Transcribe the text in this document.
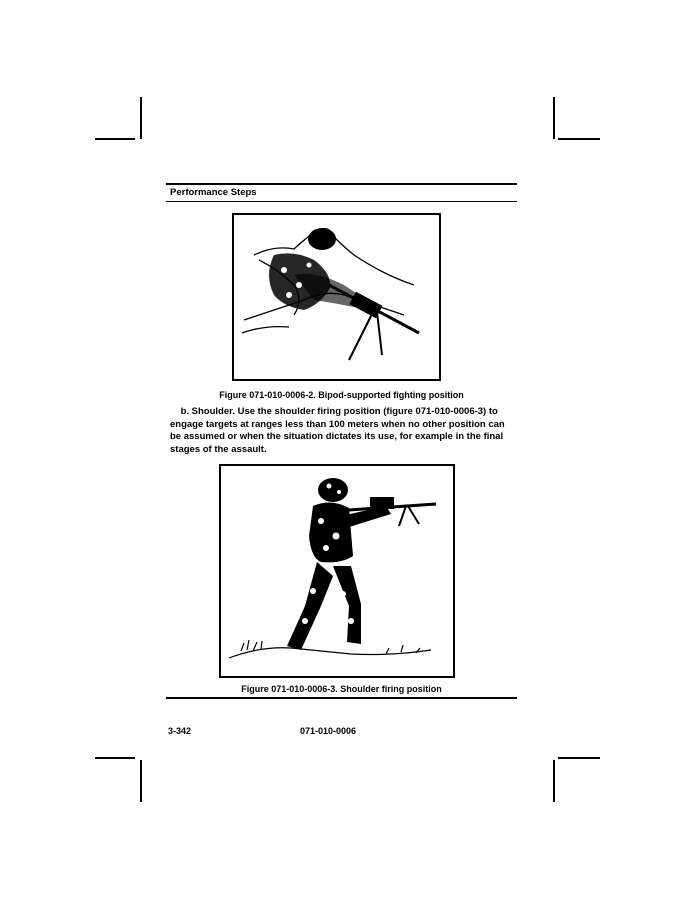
Performance Steps
Figure 071-010-0006-2. Bipod-supported fighting position
b. Shoulder. Use the shoulder firing position (figure 071-010-0006-3) to engage targets at ranges less than 100 meters when no other position can be assumed or when the situation dictates its use, for example in the final stages of the assault.
Figure 071-010-0006-3. Shoulder firing position
3-342	071-010-0006
